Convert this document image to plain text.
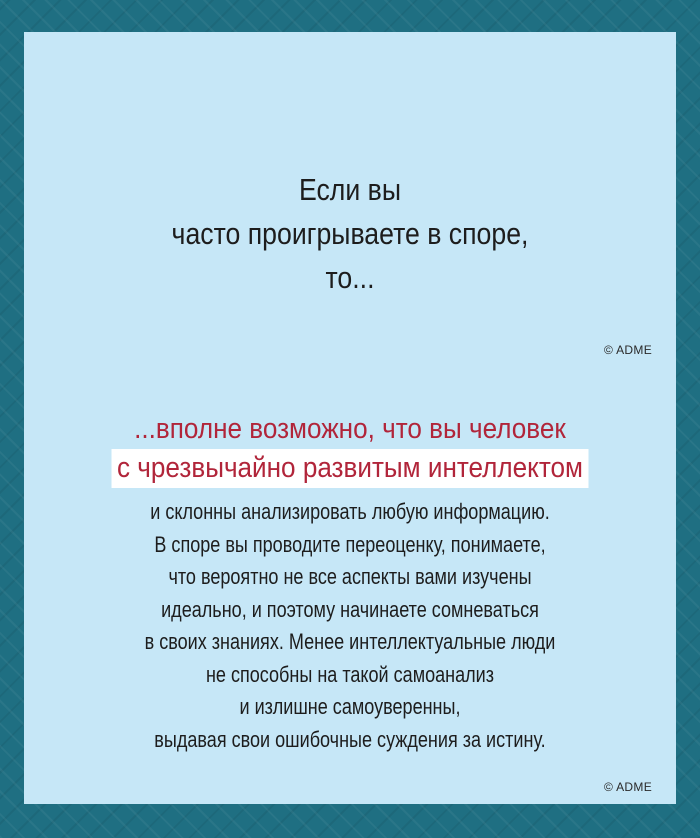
Если вы
часто проигрываете в споре,
то...
© ADME
...вполне возможно, что вы человек
с чрезвычайно развитым интеллектом
и склонны анализировать любую информацию.
В споре вы проводите переоценку, понимаете,
что вероятно не все аспекты вами изучены
идеально, и поэтому начинаете сомневаться
в своих знаниях. Менее интеллектуальные люди
не способны на такой самоанализ
и излишне самоуверенны,
выдавая свои ошибочные суждения за истину.
© ADME
